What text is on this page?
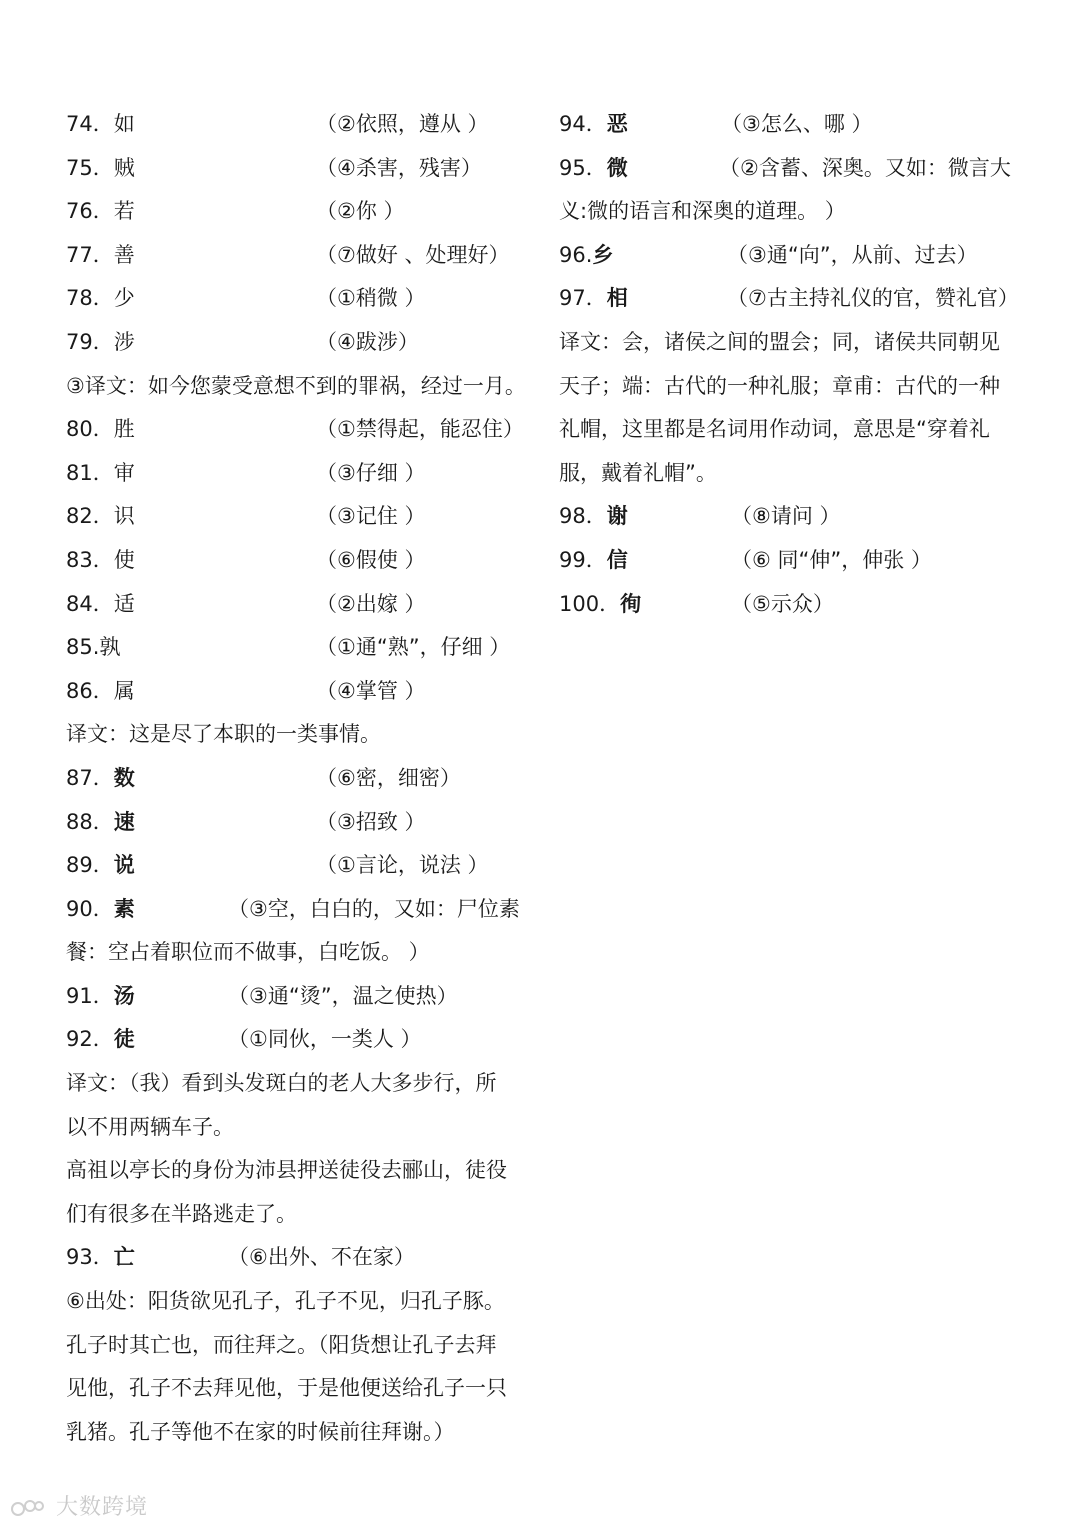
74．如	（②依照，遵从 ）
75．贼	（④杀害，残害）
76．若	（②你 ）
77．善	（⑦做好 、处理好）
78．少	（①稍微 ）
79．涉	（④跋涉）
③译文：如今您蒙受意想不到的罪祸，经过一月。
80．胜	（①禁得起，能忍住）
81．审	（③仔细 ）
82．识	（③记住 ）
83．使	（⑥假使 ）
84．适	（②出嫁 ）
85.孰	（①通“熟”，仔细 ）
86．属	（④掌管 ）
译文：这是尽了本职的一类事情。
87．数	（⑥密，细密）
88．速	（③招致 ）
89．说	（①言论，说法 ）
90．素	（③空，白白的，又如：尸位素
餐：空占着职位而不做事，白吃饭。 ）
91．汤	（③通“烫”，温之使热）
92．徒	（①同伙，一类人 ）
译文：（我）看到头发斑白的老人大多步行，所
以不用两辆车子。
高祖以亭长的身份为沛县押送徒役去郦山，徒役
们有很多在半路逃走了。
93．亡	（⑥出外、不在家）
⑥出处：阳货欲见孔子，孔子不见，归孔子豚。
孔子时其亡也，而往拜之。（阳货想让孔子去拜
见他，孔子不去拜见他，于是他便送给孔子一只
乳猪。孔子等他不在家的时候前往拜谢。）
94．恶	（③怎么、哪 ）
95．微	（②含蓄、深奥。又如：微言大
义:微的语言和深奥的道理。 ）
96.乡	（③通“向”，从前、过去）
97．相	（⑦古主持礼仪的官，赞礼官）
译文：会，诸侯之间的盟会；同，诸侯共同朝见
天子；端：古代的一种礼服；章甫：古代的一种
礼帽，这里都是名词用作动词，意思是“穿着礼
服，戴着礼帽”。
98．谢	（⑧请问 ）
99．信	（⑥ 同“伸”，伸张 ）
100．徇	（⑤示众）
大数跨境
